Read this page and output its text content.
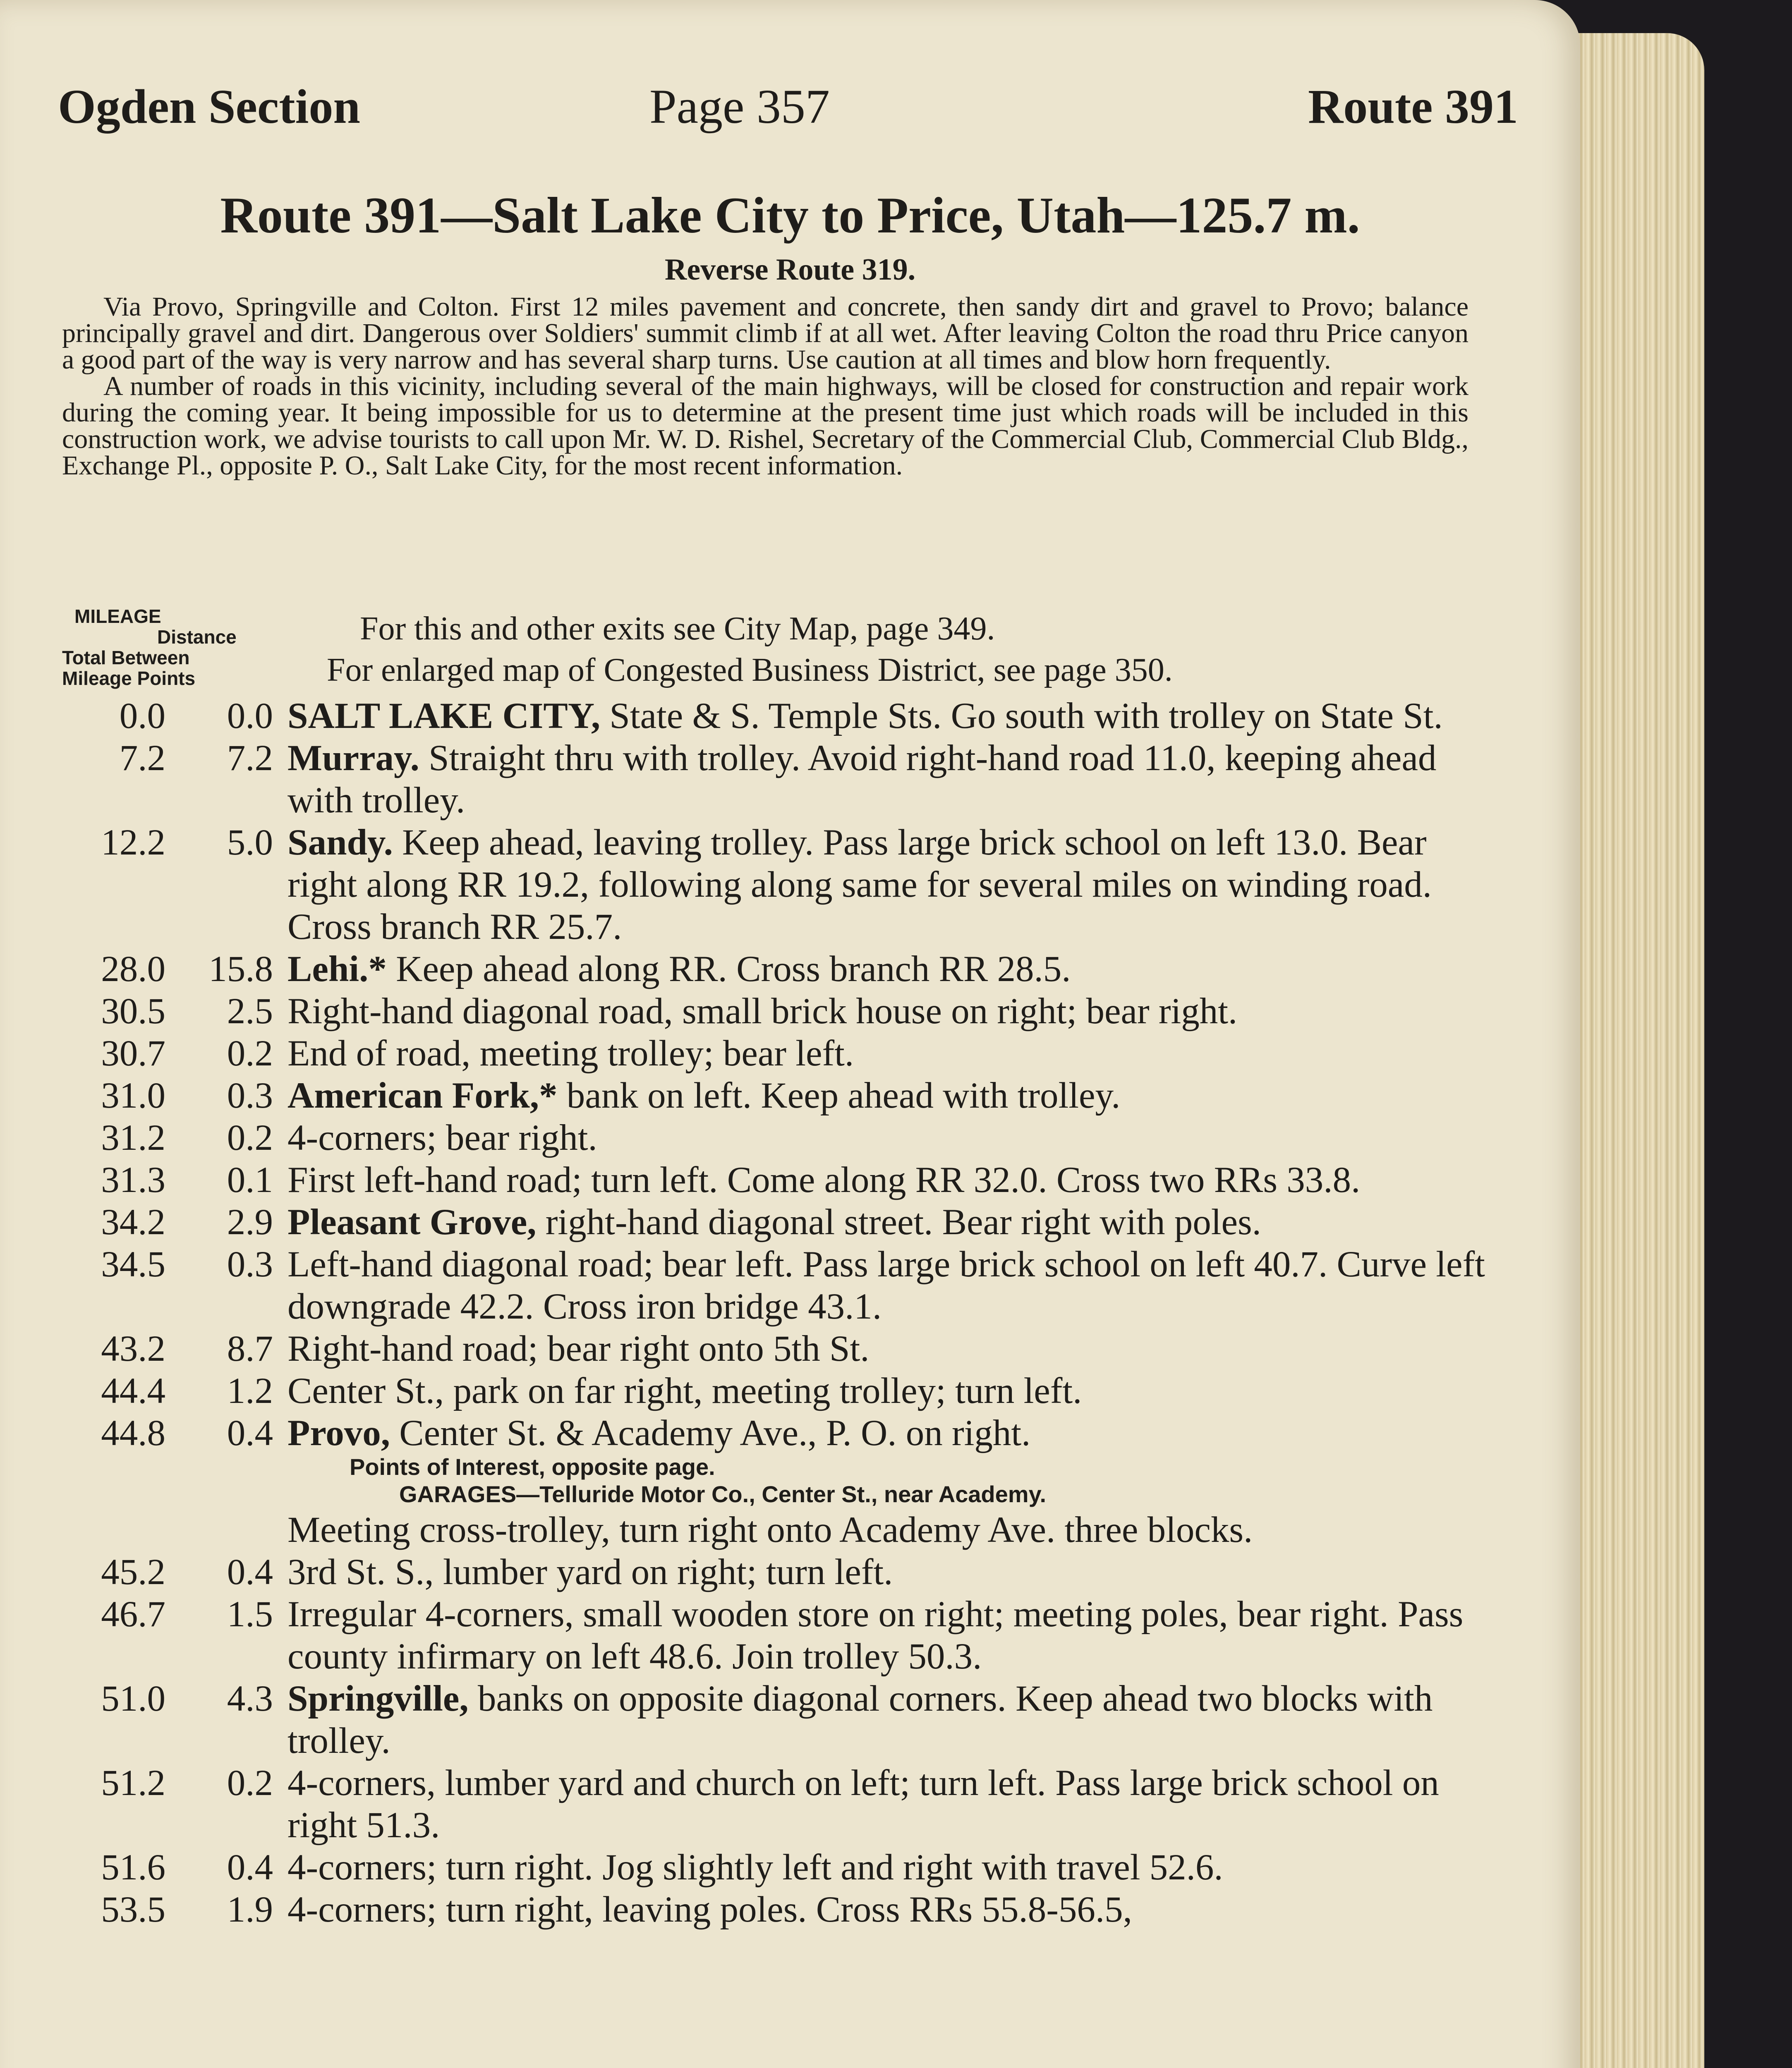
Ogden Section	Page 357	Route 391
Route 391—Salt Lake City to Price, Utah—125.7 m.
Reverse Route 319.

Via Provo, Springville and Colton. First 12 miles pavement and concrete, then sandy dirt and gravel to Provo; balance principally gravel and dirt. Dangerous over Soldiers' summit climb if at all wet. After leaving Colton the road thru Price canyon a good part of the way is very narrow and has several sharp turns. Use caution at all times and blow horn frequently.

A number of roads in this vicinity, including several of the main highways, will be closed for construction and repair work during the coming year. It being impossible for us to determine at the present time just which roads will be included in this construction work, we advise tourists to call upon Mr. W. D. Rishel, Secretary of the Commercial Club, Commercial Club Bldg., Exchange Pl., opposite P. O., Salt Lake City, for the most recent information.

MILEAGE
Distance
Total Between
Mileage Points
For this and other exits see City Map, page 349.
For enlarged map of Congested Business District, see page 350.
0.0	0.0 SALT LAKE CITY, State & S. Temple Sts. Go south with trolley on State St.
7.2	7.2 Murray. Straight thru with trolley. Avoid right-hand road 11.0, keeping ahead with trolley.
12.2	5.0 Sandy. Keep ahead, leaving trolley. Pass large brick school on left 13.0. Bear right along RR 19.2, following along same for several miles on winding road. Cross branch RR 25.7.
28.0	15.8 Lehi.* Keep ahead along RR. Cross branch RR 28.5.
30.5	2.5 Right-hand diagonal road, small brick house on right; bear right.
30.7	0.2 End of road, meeting trolley; bear left.
31.0	0.3 American Fork,* bank on left. Keep ahead with trolley.
31.2	0.2 4-corners; bear right.
31.3	0.1 First left-hand road; turn left. Come along RR 32.0. Cross two RRs 33.8.
34.2	2.9 Pleasant Grove, right-hand diagonal street. Bear right with poles.
34.5	0.3 Left-hand diagonal road; bear left. Pass large brick school on left 40.7. Curve left downgrade 42.2. Cross iron bridge 43.1.
43.2	8.7 Right-hand road; bear right onto 5th St.
44.4	1.2 Center St., park on far right, meeting trolley; turn left.
44.8	0.4 Provo, Center St. & Academy Ave., P. O. on right.
Points of Interest, opposite page.
GARAGES—Telluride Motor Co., Center St., near Academy.
Meeting cross-trolley, turn right onto Academy Ave. three blocks.
45.2	0.4 3rd St. S., lumber yard on right; turn left.
46.7	1.5 Irregular 4-corners, small wooden store on right; meeting poles, bear right. Pass county infirmary on left 48.6. Join trolley 50.3.
51.0	4.3 Springville, banks on opposite diagonal corners. Keep ahead two blocks with trolley.
51.2	0.2 4-corners, lumber yard and church on left; turn left. Pass large brick school on right 51.3.
51.6	0.4 4-corners; turn right. Jog slightly left and right with travel 52.6.
53.5	1.9 4-corners; turn right, leaving poles. Cross RRs 55.8-56.5,
